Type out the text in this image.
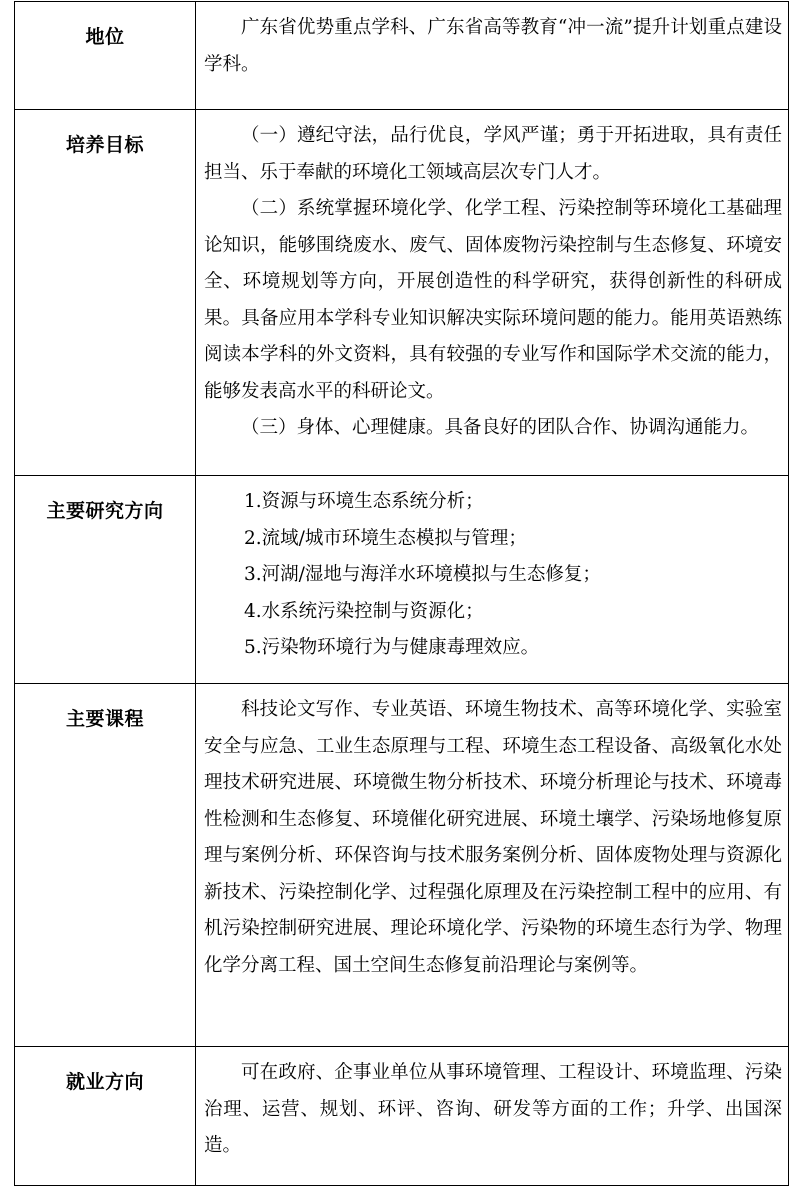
地位	广东省优势重点学科、广东省高等教育“冲一流”提升计划重点建设学科。

培养目标	（一）遵纪守法，品行优良，学风严谨；勇于开拓进取，具有责任担当、乐于奉献的环境化工领域高层次专门人才。

（二）系统掌握环境化学、化学工程、污染控制等环境化工基础理论知识，能够围绕废水、废气、固体废物污染控制与生态修复、环境安全、环境规划等方向，开展创造性的科学研究，获得创新性的科研成果。具备应用本学科专业知识解决实际环境问题的能力。能用英语熟练阅读本学科的外文资料，具有较强的专业写作和国际学术交流的能力，能够发表高水平的科研论文。

（三）身体、心理健康。具备良好的团队合作、协调沟通能力。

主要研究方向	1.资源与环境生态系统分析；

2.流域/城市环境生态模拟与管理；

3.河湖/湿地与海洋水环境模拟与生态修复；

4.水系统污染控制与资源化；

5.污染物环境行为与健康毒理效应。

主要课程	科技论文写作、专业英语、环境生物技术、高等环境化学、实验室安全与应急、工业生态原理与工程、环境生态工程设备、高级氧化水处理技术研究进展、环境微生物分析技术、环境分析理论与技术、环境毒性检测和生态修复、环境催化研究进展、环境土壤学、污染场地修复原理与案例分析、环保咨询与技术服务案例分析、固体废物处理与资源化新技术、污染控制化学、过程强化原理及在污染控制工程中的应用、有机污染控制研究进展、理论环境化学、污染物的环境生态行为学、物理化学分离工程、国土空间生态修复前沿理论与案例等。

就业方向	可在政府、企事业单位从事环境管理、工程设计、环境监理、污染治理、运营、规划、环评、咨询、研发等方面的工作；升学、出国深造。
